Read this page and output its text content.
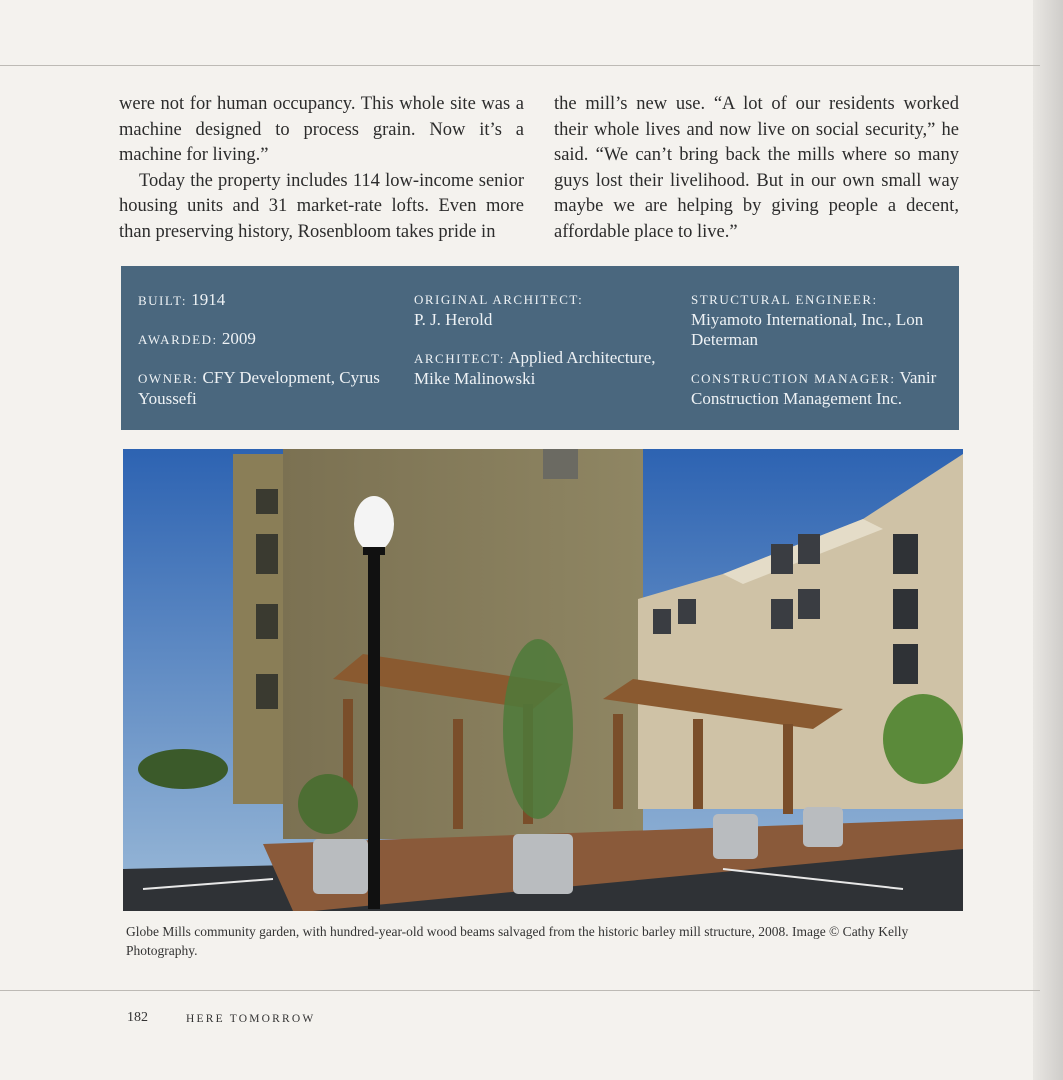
were not for human occupancy. This whole site was a machine designed to process grain. Now it’s a machine for living.”

Today the property includes 114 low-income senior housing units and 31 market-rate lofts. Even more than preserving history, Rosenbloom takes pride in

the mill’s new use. “A lot of our residents worked their whole lives and now live on social security,” he said. “We can’t bring back the mills where so many guys lost their livelihood. But in our own small way maybe we are helping by giving people a decent, affordable place to live.”

BUILT: 1914
AWARDED: 2009
OWNER: CFY Development, Cyrus Youssefi
ORIGINAL ARCHITECT:
P. J. Herold
ARCHITECT: Applied Architecture, Mike Malinowski
STRUCTURAL ENGINEER:
Miyamoto International, Inc., Lon Determan
CONSTRUCTION MANAGER: Vanir Construction Management Inc.
Globe Mills community garden, with hundred-year-old wood beams salvaged from the historic barley mill structure, 2008. Image © Cathy Kelly Photography.
182	HERE TOMORROW
